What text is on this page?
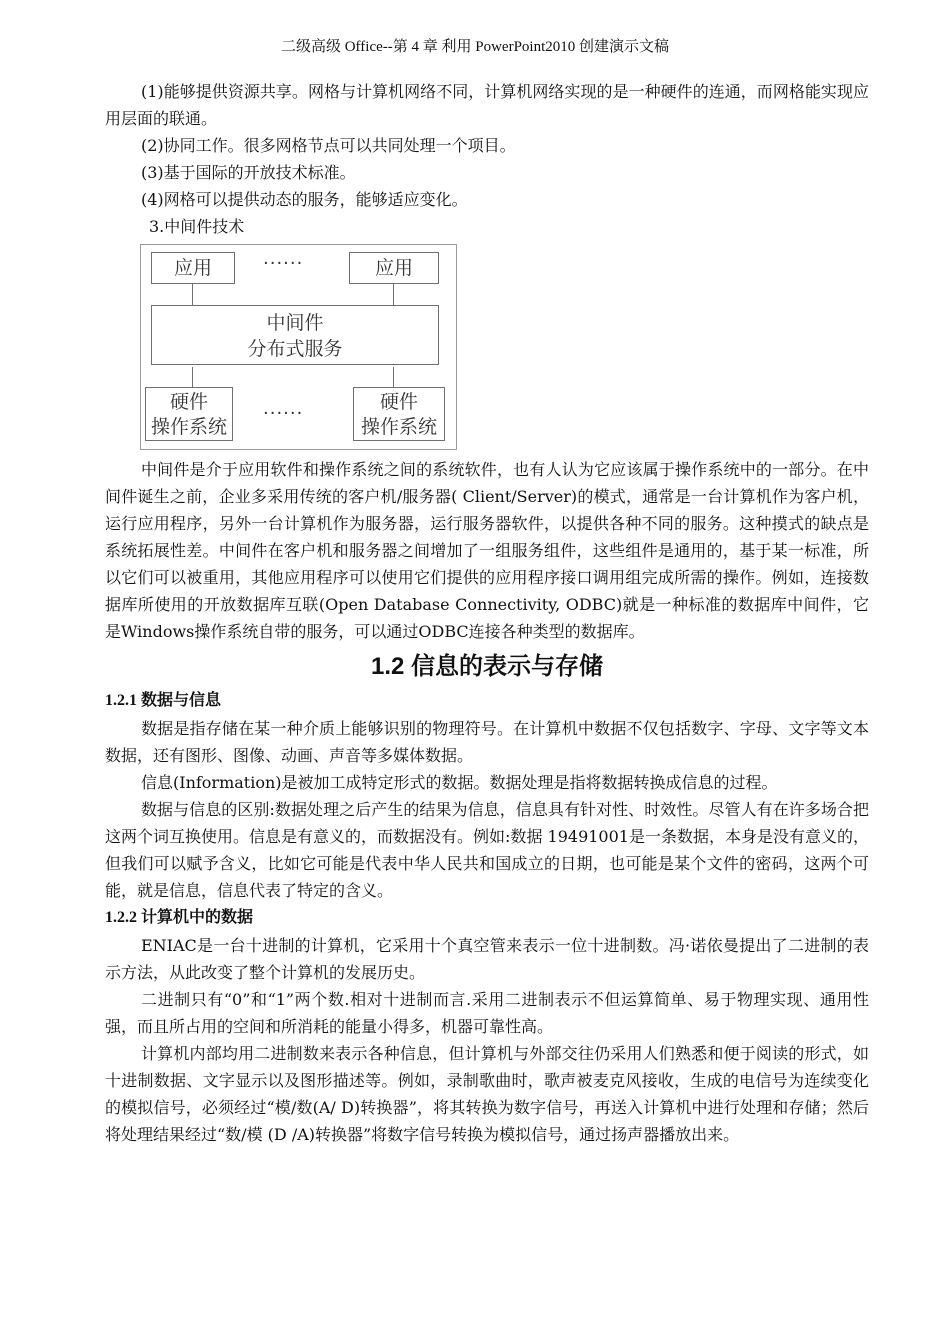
二级高级 Office--第 4 章 利用 PowerPoint2010 创建演示文稿

(1)能够提供资源共享。网格与计算机网络不同，计算机网络实现的是一种硬件的连通，而网格能实现应用层面的联通。

(2)协同工作。很多网格节点可以共同处理一个项目。

(3)基于国际的开放技术标准。

(4)网格可以提供动态的服务，能够适应变化。

3.中间件技术

应用	······	应用
中间件
分布式服务
硬件
操作系统
······
硬件
操作系统

中间件是介于应用软件和操作系统之间的系统软件，也有人认为它应该属于操作系统中的一部分。在中间件诞生之前，企业多采用传统的客户机/服务器( Client/Server)的模式，通常是一台计算机作为客户机，运行应用程序，另外一台计算机作为服务器，运行服务器软件，以提供各种不同的服务。这种摸式的缺点是系统拓展性差。中间件在客户机和服务器之间增加了一组服务组件，这些组件是通用的，基于某一标准，所以它们可以被重用，其他应用程序可以使用它们提供的应用程序接口调用组完成所需的操作。例如，连接数据库所使用的开放数据库互联(Open Database Connectivity, ODBC)就是一种标准的数据库中间件，它是Windows操作系统自带的服务，可以通过ODBC连接各种类型的数据库。

1.2 信息的表示与存储
1.2.1 数据与信息

数据是指存储在某一种介质上能够识别的物理符号。在计算机中数据不仅包括数字、字母、文字等文本数据，还有图形、图像、动画、声音等多媒体数据。

信息(Information)是被加工成特定形式的数据。数据处理是指将数据转换成信息的过程。

数据与信息的区别:数据处理之后产生的结果为信息，信息具有针对性、时效性。尽管人有在许多场合把这两个词互换使用。信息是有意义的，而数据没有。例如:数据 19491001是一条数据，本身是没有意义的，但我们可以赋予含义，比如它可能是代表中华人民共和国成立的日期，也可能是某个文件的密码，这两个可能，就是信息，信息代表了特定的含义。

1.2.2 计算机中的数据

ENIAC是一台十进制的计算机，它采用十个真空管来表示一位十进制数。冯·诺依曼提出了二进制的表示方法，从此改变了整个计算机的发展历史。

二进制只有“0”和“1”两个数.相对十进制而言.采用二进制表示不但运算简单、易于物理实现、通用性强，而且所占用的空间和所消耗的能量小得多，机器可靠性高。

计算机内部均用二进制数来表示各种信息，但计算机与外部交往仍采用人们熟悉和便于阅读的形式，如十进制数据、文字显示以及图形描述等。例如，录制歌曲时，歌声被麦克风接收，生成的电信号为连续变化的模拟信号，必须经过“模/数(A/ D)转换器”，将其转换为数字信号，再送入计算机中进行处理和存储；然后将处理结果经过“数/模 (D /A)转换器”将数字信号转换为模拟信号，通过扬声器播放出来。
